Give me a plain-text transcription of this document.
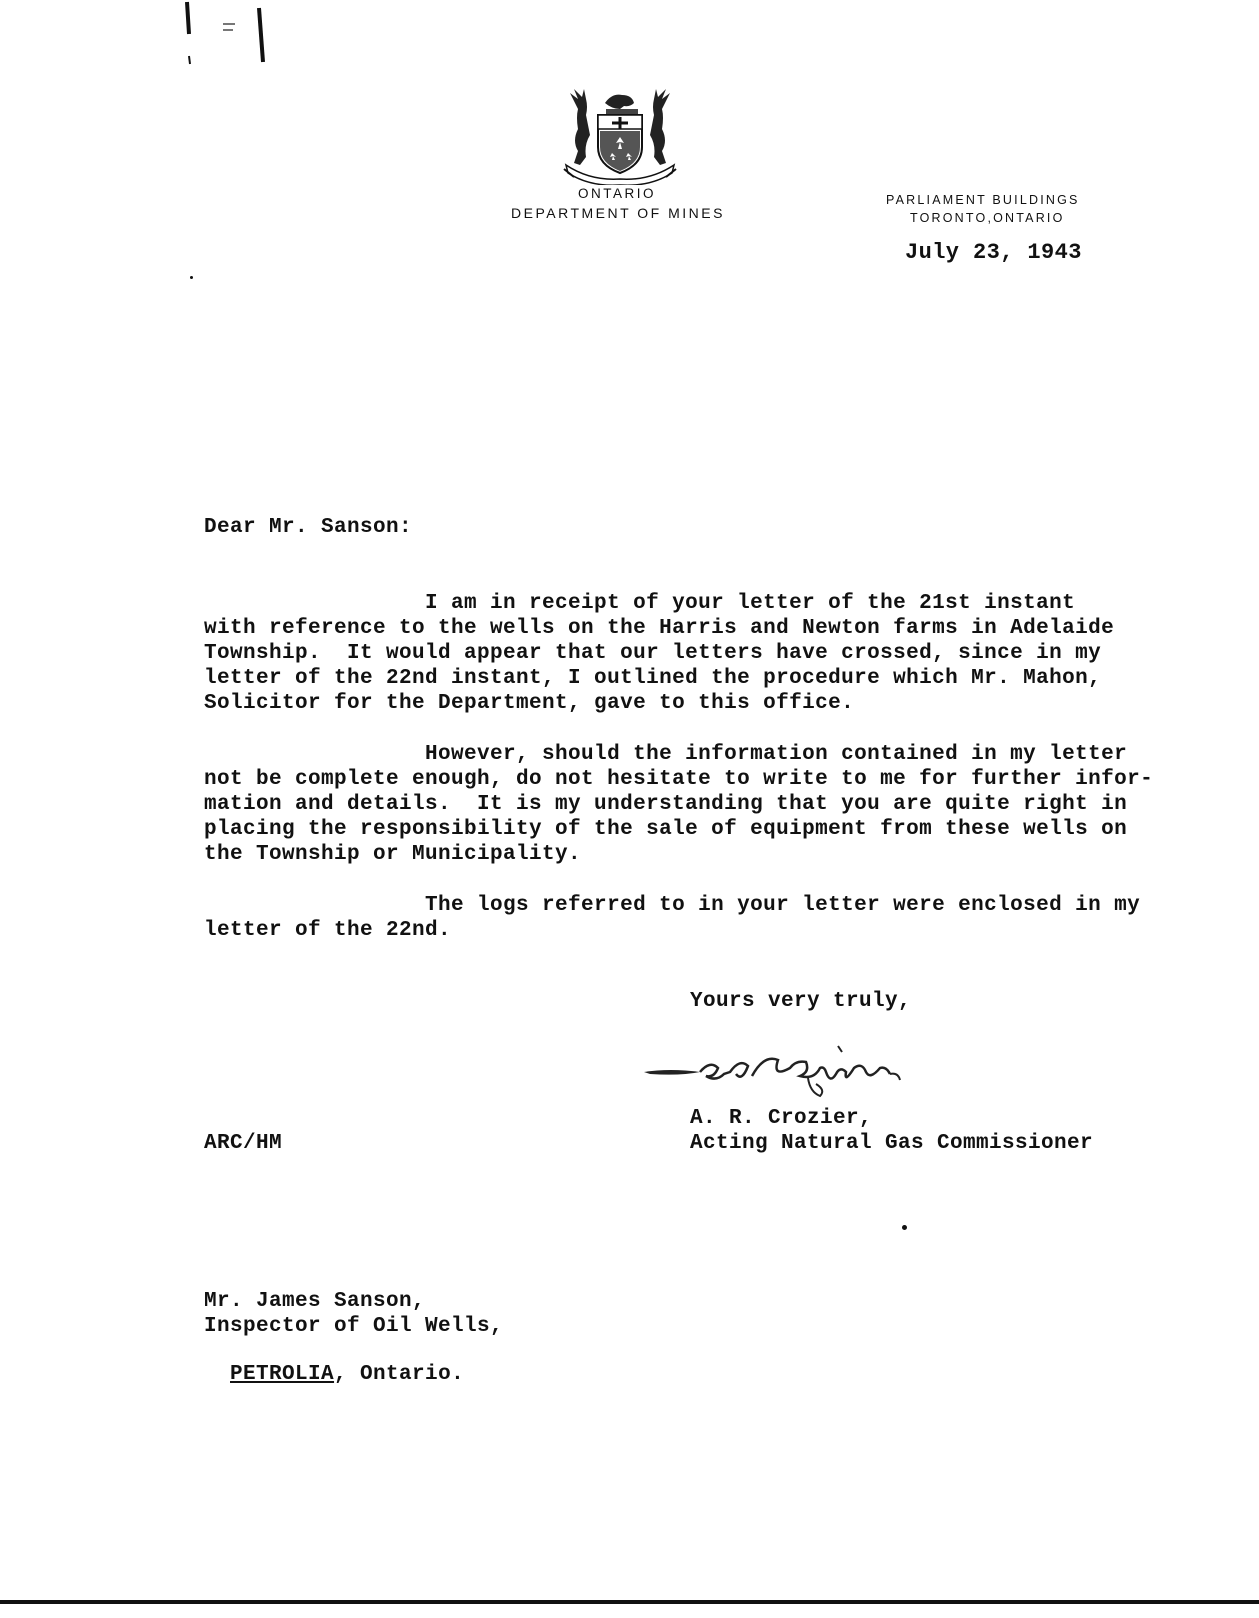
ONTARIO
DEPARTMENT OF MINES
PARLIAMENT BUILDINGS
TORONTO,ONTARIO
July 23, 1943
Dear Mr. Sanson:
I am in receipt of your letter of the 21st instant
with reference to the wells on the Harris and Newton farms in Adelaide
Township.  It would appear that our letters have crossed, since in my
letter of the 22nd instant, I outlined the procedure which Mr. Mahon,
Solicitor for the Department, gave to this office.
However, should the information contained in my letter
not be complete enough, do not hesitate to write to me for further infor-
mation and details.  It is my understanding that you are quite right in
placing the responsibility of the sale of equipment from these wells on
the Township or Municipality.
The logs referred to in your letter were enclosed in my
letter of the 22nd.
Yours very truly,
A. R. Crozier,
Acting Natural Gas Commissioner
ARC/HM
Mr. James Sanson,
Inspector of Oil Wells,

PETROLIA, Ontario.
